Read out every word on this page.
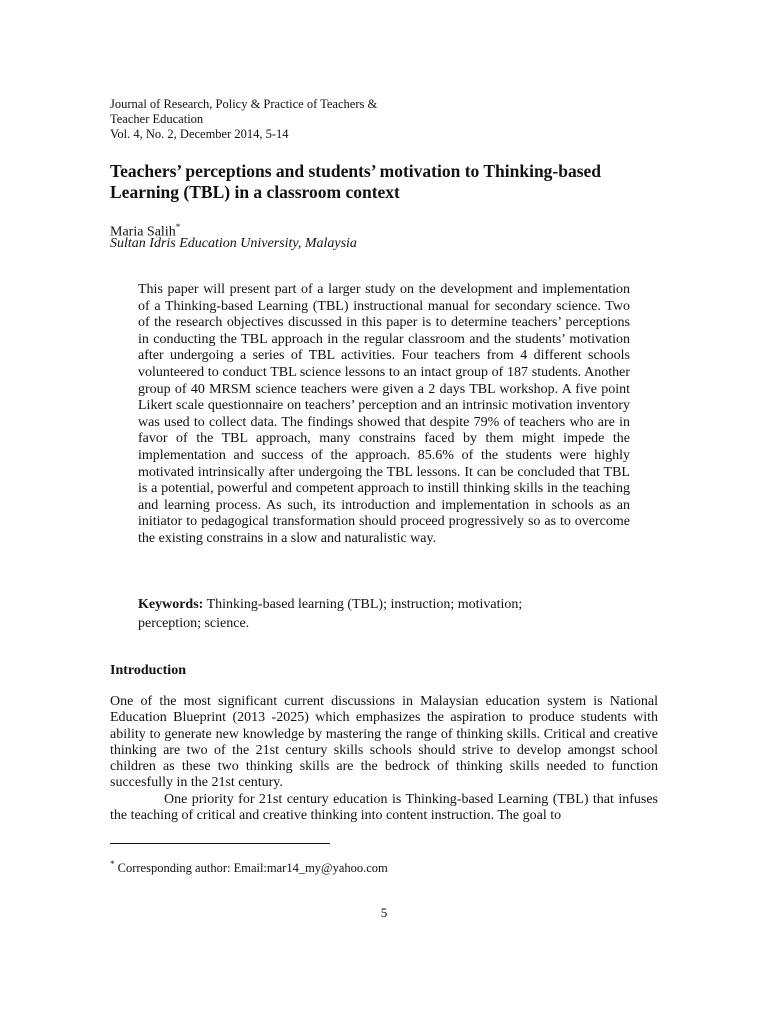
Journal of Research, Policy & Practice of Teachers &
Teacher Education
Vol. 4, No. 2, December 2014, 5-14
Teachers’ perceptions and students’ motivation to Thinking-based Learning (TBL) in a classroom context
Maria Salih*
Sultan Idris Education University, Malaysia

This paper will present part of a larger study on the development and implementation of a Thinking-based Learning (TBL) instructional manual for secondary science. Two of the research objectives discussed in this paper is to determine teachers’ perceptions in conducting the TBL approach in the regular classroom and the students’ motivation after undergoing a series of TBL activities. Four teachers from 4 different schools volunteered to conduct TBL science lessons to an intact group of 187 students. Another group of 40 MRSM science teachers were given a 2 days TBL workshop. A five point Likert scale questionnaire on teachers’ perception and an intrinsic motivation inventory was used to collect data. The findings showed that despite 79% of teachers who are in favor of the TBL approach, many constrains faced by them might impede the implementation and success of the approach. 85.6% of the students were highly motivated intrinsically after undergoing the TBL lessons. It can be concluded that TBL is a potential, powerful and competent approach to instill thinking skills in the teaching and learning process. As such, its introduction and implementation in schools as an initiator to pedagogical transformation should proceed progressively so as to overcome the existing constrains in a slow and naturalistic way.

Keywords: Thinking-based learning (TBL); instruction; motivation;
perception; science.
Introduction

One of the most significant current discussions in Malaysian education system is National Education Blueprint (2013 -2025) which emphasizes the aspiration to produce students with ability to generate new knowledge by mastering the range of thinking skills. Critical and creative thinking are two of the 21st century skills schools should strive to develop amongst school children as these two thinking skills are the bedrock of thinking skills needed to function succesfully in the 21st century.

One priority for 21st century education is Thinking-based Learning (TBL) that infuses the teaching of critical and creative thinking into content instruction. The goal to

* Corresponding author: Email:mar14_my@yahoo.com
5
